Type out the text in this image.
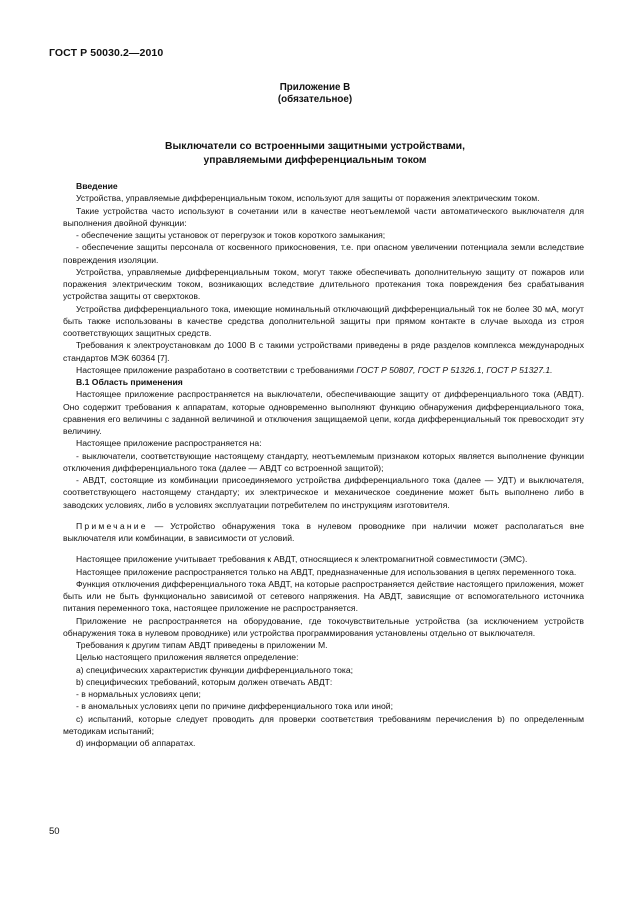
ГОСТ Р 50030.2—2010
Приложение B
(обязательное)
Выключатели со встроенными защитными устройствами,
управляемыми дифференциальным током

Введение

Устройства, управляемые дифференциальным током, используют для защиты от поражения электрическим током.

Такие устройства часто используют в сочетании или в качестве неотъемлемой части автоматического выключателя для выполнения двойной функции:

- обеспечение защиты установок от перегрузок и токов короткого замыкания;

- обеспечение защиты персонала от косвенного прикосновения, т.е. при опасном увеличении потенциала земли вследствие повреждения изоляции.

Устройства, управляемые дифференциальным током, могут также обеспечивать дополнительную защиту от пожаров или поражения электрическим током, возникающих вследствие длительного протекания тока повреждения без срабатывания устройства защиты от сверхтоков.

Устройства дифференциального тока, имеющие номинальный отключающий дифференциальный ток не более 30 мА, могут быть также использованы в качестве средства дополнительной защиты при прямом контакте в случае выхода из строя соответствующих защитных средств.

Требования к электроустановкам до 1000 В с такими устройствами приведены в ряде разделов комплекса международных стандартов МЭК 60364 [7].

Настоящее приложение разработано в соответствии с требованиями ГОСТ Р 50807, ГОСТ Р 51326.1, ГОСТ Р 51327.1.

B.1 Область применения

Настоящее приложение распространяется на выключатели, обеспечивающие защиту от дифференциального тока (АВДТ). Оно содержит требования к аппаратам, которые одновременно выполняют функцию обнаружения дифференциального тока, сравнения его величины с заданной величиной и отключения защищаемой цепи, когда дифференциальный ток превосходит эту величину.

Настоящее приложение распространяется на:

- выключатели, соответствующие настоящему стандарту, неотъемлемым признаком которых является выполнение функции отключения дифференциального тока (далее — АВДТ со встроенной защитой);

- АВДТ, состоящие из комбинации присоединяемого устройства дифференциального тока (далее — УДТ) и выключателя, соответствующего настоящему стандарту; их электрическое и механическое соединение может быть выполнено либо в заводских условиях, либо в условиях эксплуатации потребителем по инструкциям изготовителя.

Примечание — Устройство обнаружения тока в нулевом проводнике при наличии может располагаться вне выключателя или комбинации, в зависимости от условий.

Настоящее приложение учитывает требования к АВДТ, относящиеся к электромагнитной совместимости (ЭМС).

Настоящее приложение распространяется только на АВДТ, предназначенные для использования в цепях переменного тока.

Функция отключения дифференциального тока АВДТ, на которые распространяется действие настоящего приложения, может быть или не быть функционально зависимой от сетевого напряжения. На АВДТ, зависящие от вспомогательного источника питания переменного тока, настоящее приложение не распространяется.

Приложение не распространяется на оборудование, где токочувствительные устройства (за исключением устройств обнаружения тока в нулевом проводнике) или устройства программирования установлены отдельно от выключателя.

Требования к другим типам АВДТ приведены в приложении M.

Целью настоящего приложения является определение:

a) специфических характеристик функции дифференциального тока;

b) специфических требований, которым должен отвечать АВДТ:

- в нормальных условиях цепи;

- в аномальных условиях цепи по причине дифференциального тока или иной;

c) испытаний, которые следует проводить для проверки соответствия требованиям перечисления b) по определенным методикам испытаний;

d) информации об аппаратах.

50
